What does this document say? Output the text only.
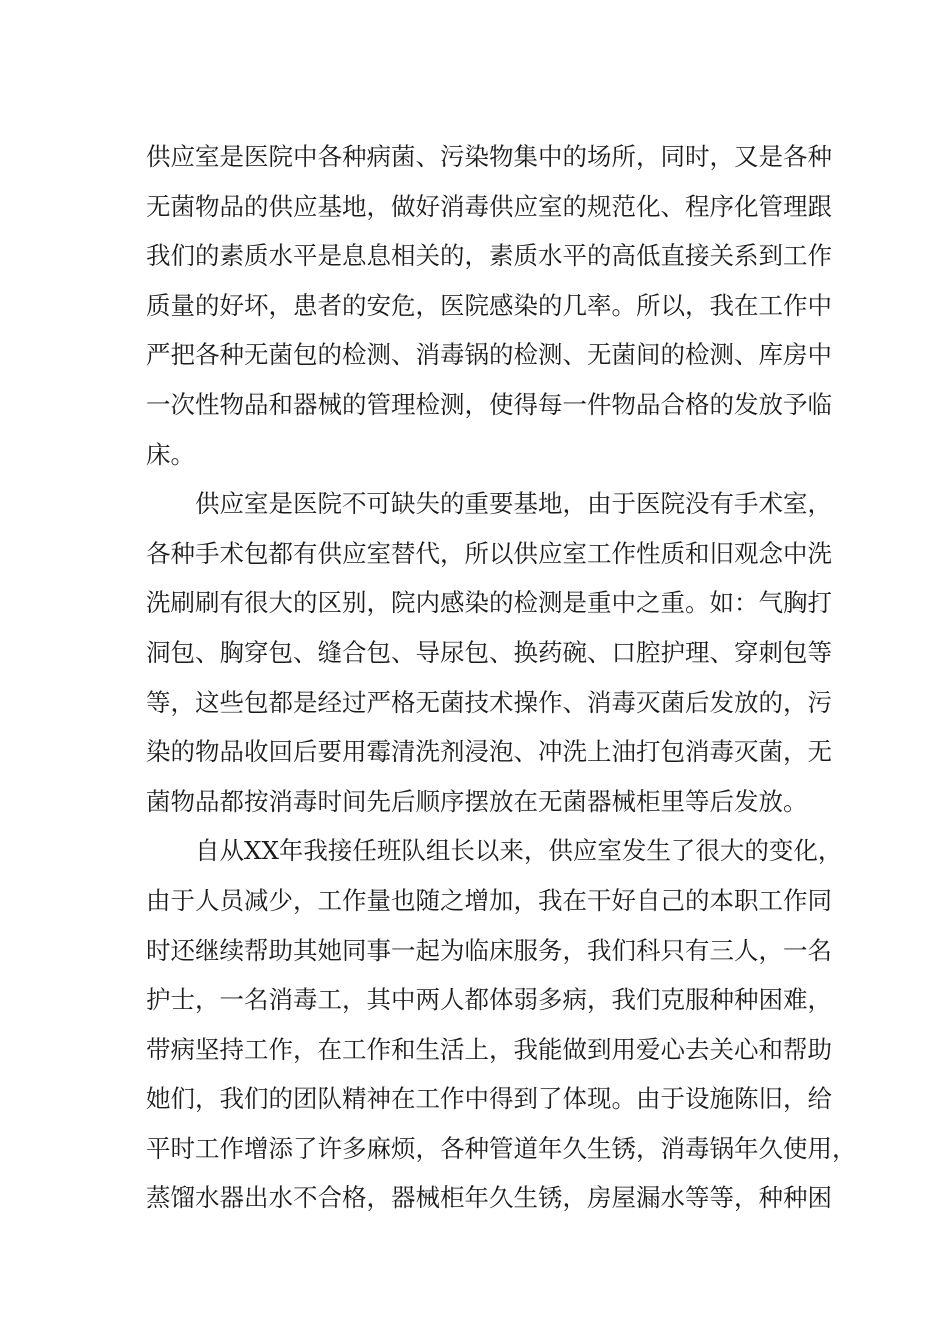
供应室是医院中各种病菌、污染物集中的场所，同时，又是各种
无菌物品的供应基地，做好消毒供应室的规范化、程序化管理跟
我们的素质水平是息息相关的，素质水平的高低直接关系到工作
质量的好坏，患者的安危，医院感染的几率。所以，我在工作中
严把各种无菌包的检测、消毒锅的检测、无菌间的检测、库房中
一次性物品和器械的管理检测，使得每一件物品合格的发放予临
床。
　　供应室是医院不可缺失的重要基地，由于医院没有手术室，
各种手术包都有供应室替代，所以供应室工作性质和旧观念中洗
洗刷刷有很大的区别，院内感染的检测是重中之重。如：气胸打
洞包、胸穿包、缝合包、导尿包、换药碗、口腔护理、穿刺包等
等，这些包都是经过严格无菌技术操作、消毒灭菌后发放的，污
染的物品收回后要用霉清洗剂浸泡、冲洗上油打包消毒灭菌，无
菌物品都按消毒时间先后顺序摆放在无菌器械柜里等后发放。
　　自从XX年我接任班队组长以来，供应室发生了很大的变化，
由于人员减少，工作量也随之增加，我在干好自己的本职工作同
时还继续帮助其她同事一起为临床服务，我们科只有三人，一名
护士，一名消毒工，其中两人都体弱多病，我们克服种种困难，
带病坚持工作，在工作和生活上，我能做到用爱心去关心和帮助
她们，我们的团队精神在工作中得到了体现。由于设施陈旧，给
平时工作增添了许多麻烦，各种管道年久生锈，消毒锅年久使用，
蒸馏水器出水不合格，器械柜年久生锈，房屋漏水等等，种种困
